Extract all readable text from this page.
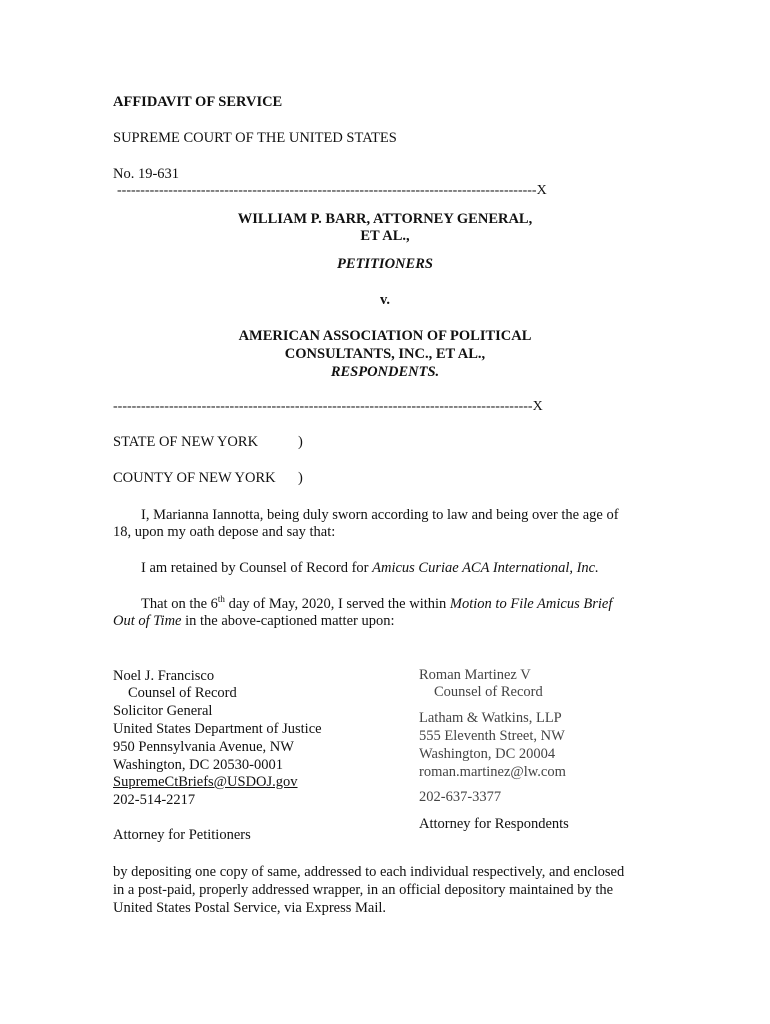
AFFIDAVIT OF SERVICE
SUPREME COURT OF THE UNITED STATES
No. 19-631
------------------------------------------------------------------------------------------X
WILLIAM P. BARR, ATTORNEY GENERAL,
ET AL.,
PETITIONERS
v.
AMERICAN ASSOCIATION OF POLITICAL
CONSULTANTS, INC., ET AL.,
RESPONDENTS.
------------------------------------------------------------------------------------------X
STATE OF NEW YORK	)
COUNTY OF NEW YORK )
I, Marianna Iannotta, being duly sworn according to law and being over the age of
18, upon my oath depose and say that:
I am retained by Counsel of Record for Amicus Curiae ACA International, Inc.
That on the 6th day of May, 2020, I served the within Motion to File Amicus Brief
Out of Time in the above-captioned matter upon:
Noel J. Francisco
Counsel of Record
Solicitor General
United States Department of Justice
950 Pennsylvania Avenue, NW
Washington, DC 20530-0001
SupremeCtBriefs@USDOJ.gov
202-514-2217
Attorney for Petitioners
Roman Martinez V
Counsel of Record
Latham & Watkins, LLP
555 Eleventh Street, NW
Washington, DC 20004
roman.martinez@lw.com
202-637-3377
Attorney for Respondents
by depositing one copy of same, addressed to each individual respectively, and enclosed
in a post-paid, properly addressed wrapper, in an official depository maintained by the
United States Postal Service, via Express Mail.
